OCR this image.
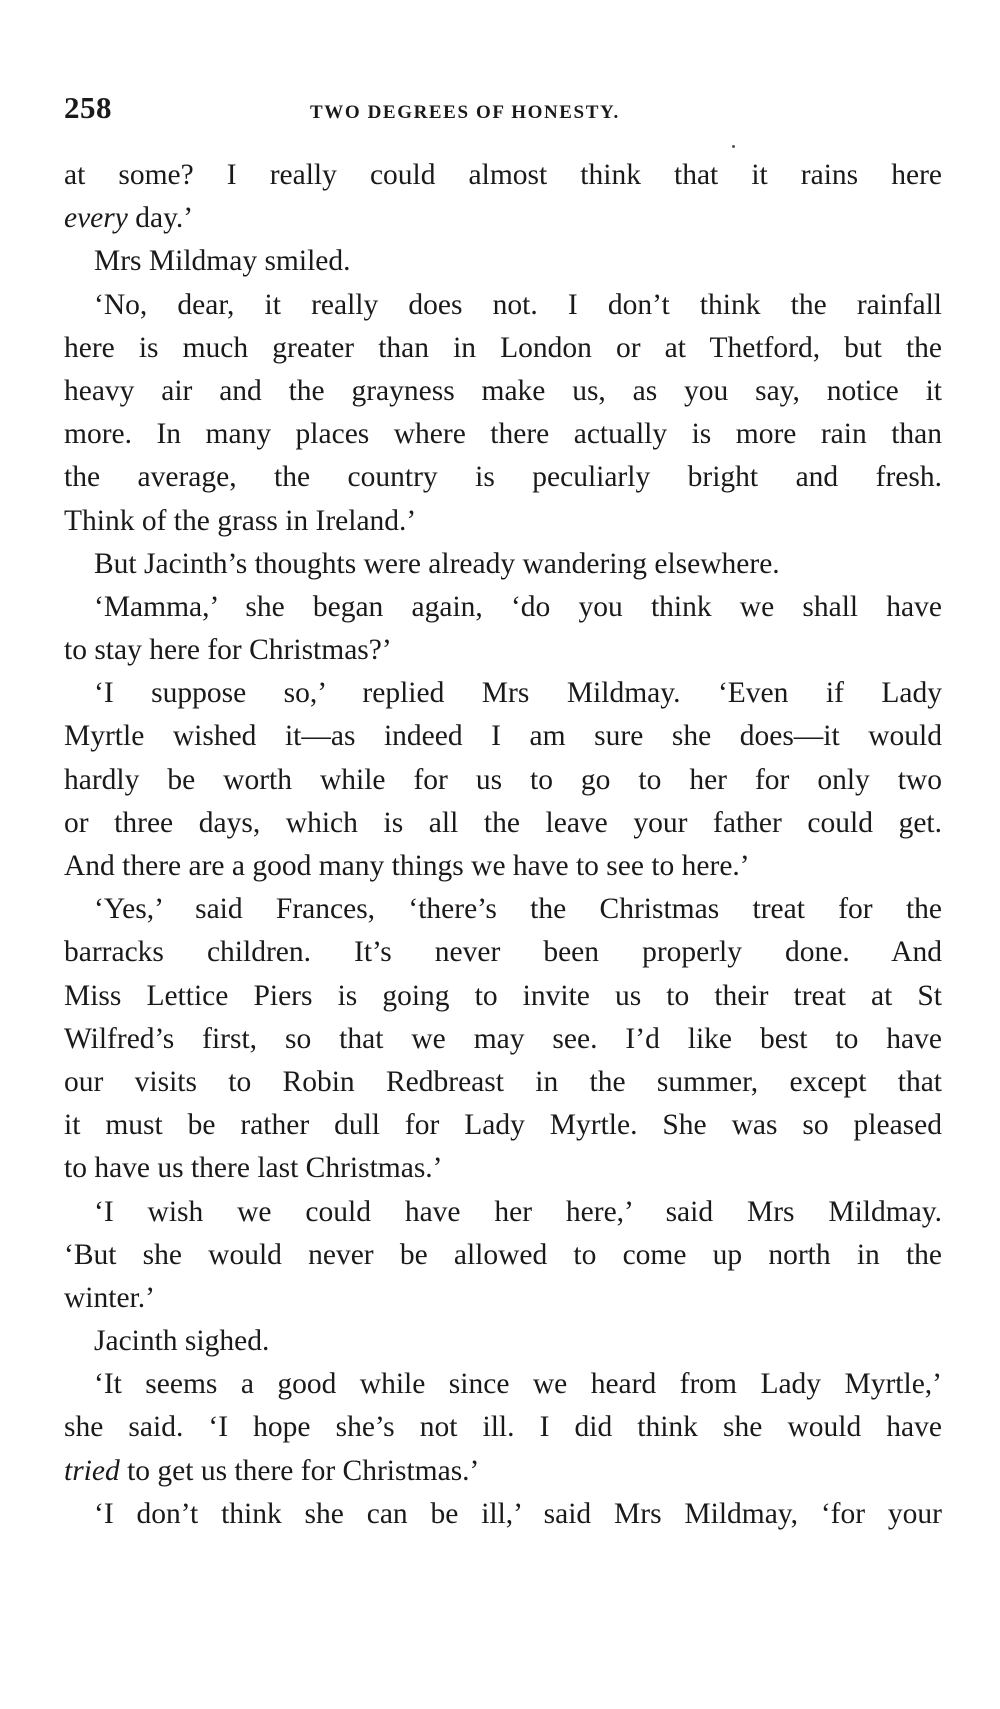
258	TWO DEGREES OF HONESTY.
at some? I really could almost think that it rains here
every day.’
Mrs Mildmay smiled.
‘No, dear, it really does not. I don’t think the rainfall
here is much greater than in London or at Thetford, but the
heavy air and the grayness make us, as you say, notice it
more. In many places where there actually is more rain than
the average, the country is peculiarly bright and fresh.
Think of the grass in Ireland.’
But Jacinth’s thoughts were already wandering elsewhere.
‘Mamma,’ she began again, ‘do you think we shall have
to stay here for Christmas?’
‘I suppose so,’ replied Mrs Mildmay. ‘Even if Lady
Myrtle wished it—as indeed I am sure she does—it would
hardly be worth while for us to go to her for only two
or three days, which is all the leave your father could get.
And there are a good many things we have to see to here.’
‘Yes,’ said Frances, ‘there’s the Christmas treat for the
barracks children. It’s never been properly done. And
Miss Lettice Piers is going to invite us to their treat at St
Wilfred’s first, so that we may see. I’d like best to have
our visits to Robin Redbreast in the summer, except that
it must be rather dull for Lady Myrtle. She was so pleased
to have us there last Christmas.’
‘I wish we could have her here,’ said Mrs Mildmay.
‘But she would never be allowed to come up north in the
winter.’
Jacinth sighed.
‘It seems a good while since we heard from Lady Myrtle,’
she said. ‘I hope she’s not ill. I did think she would have
tried to get us there for Christmas.’
‘I don’t think she can be ill,’ said Mrs Mildmay, ‘for your
